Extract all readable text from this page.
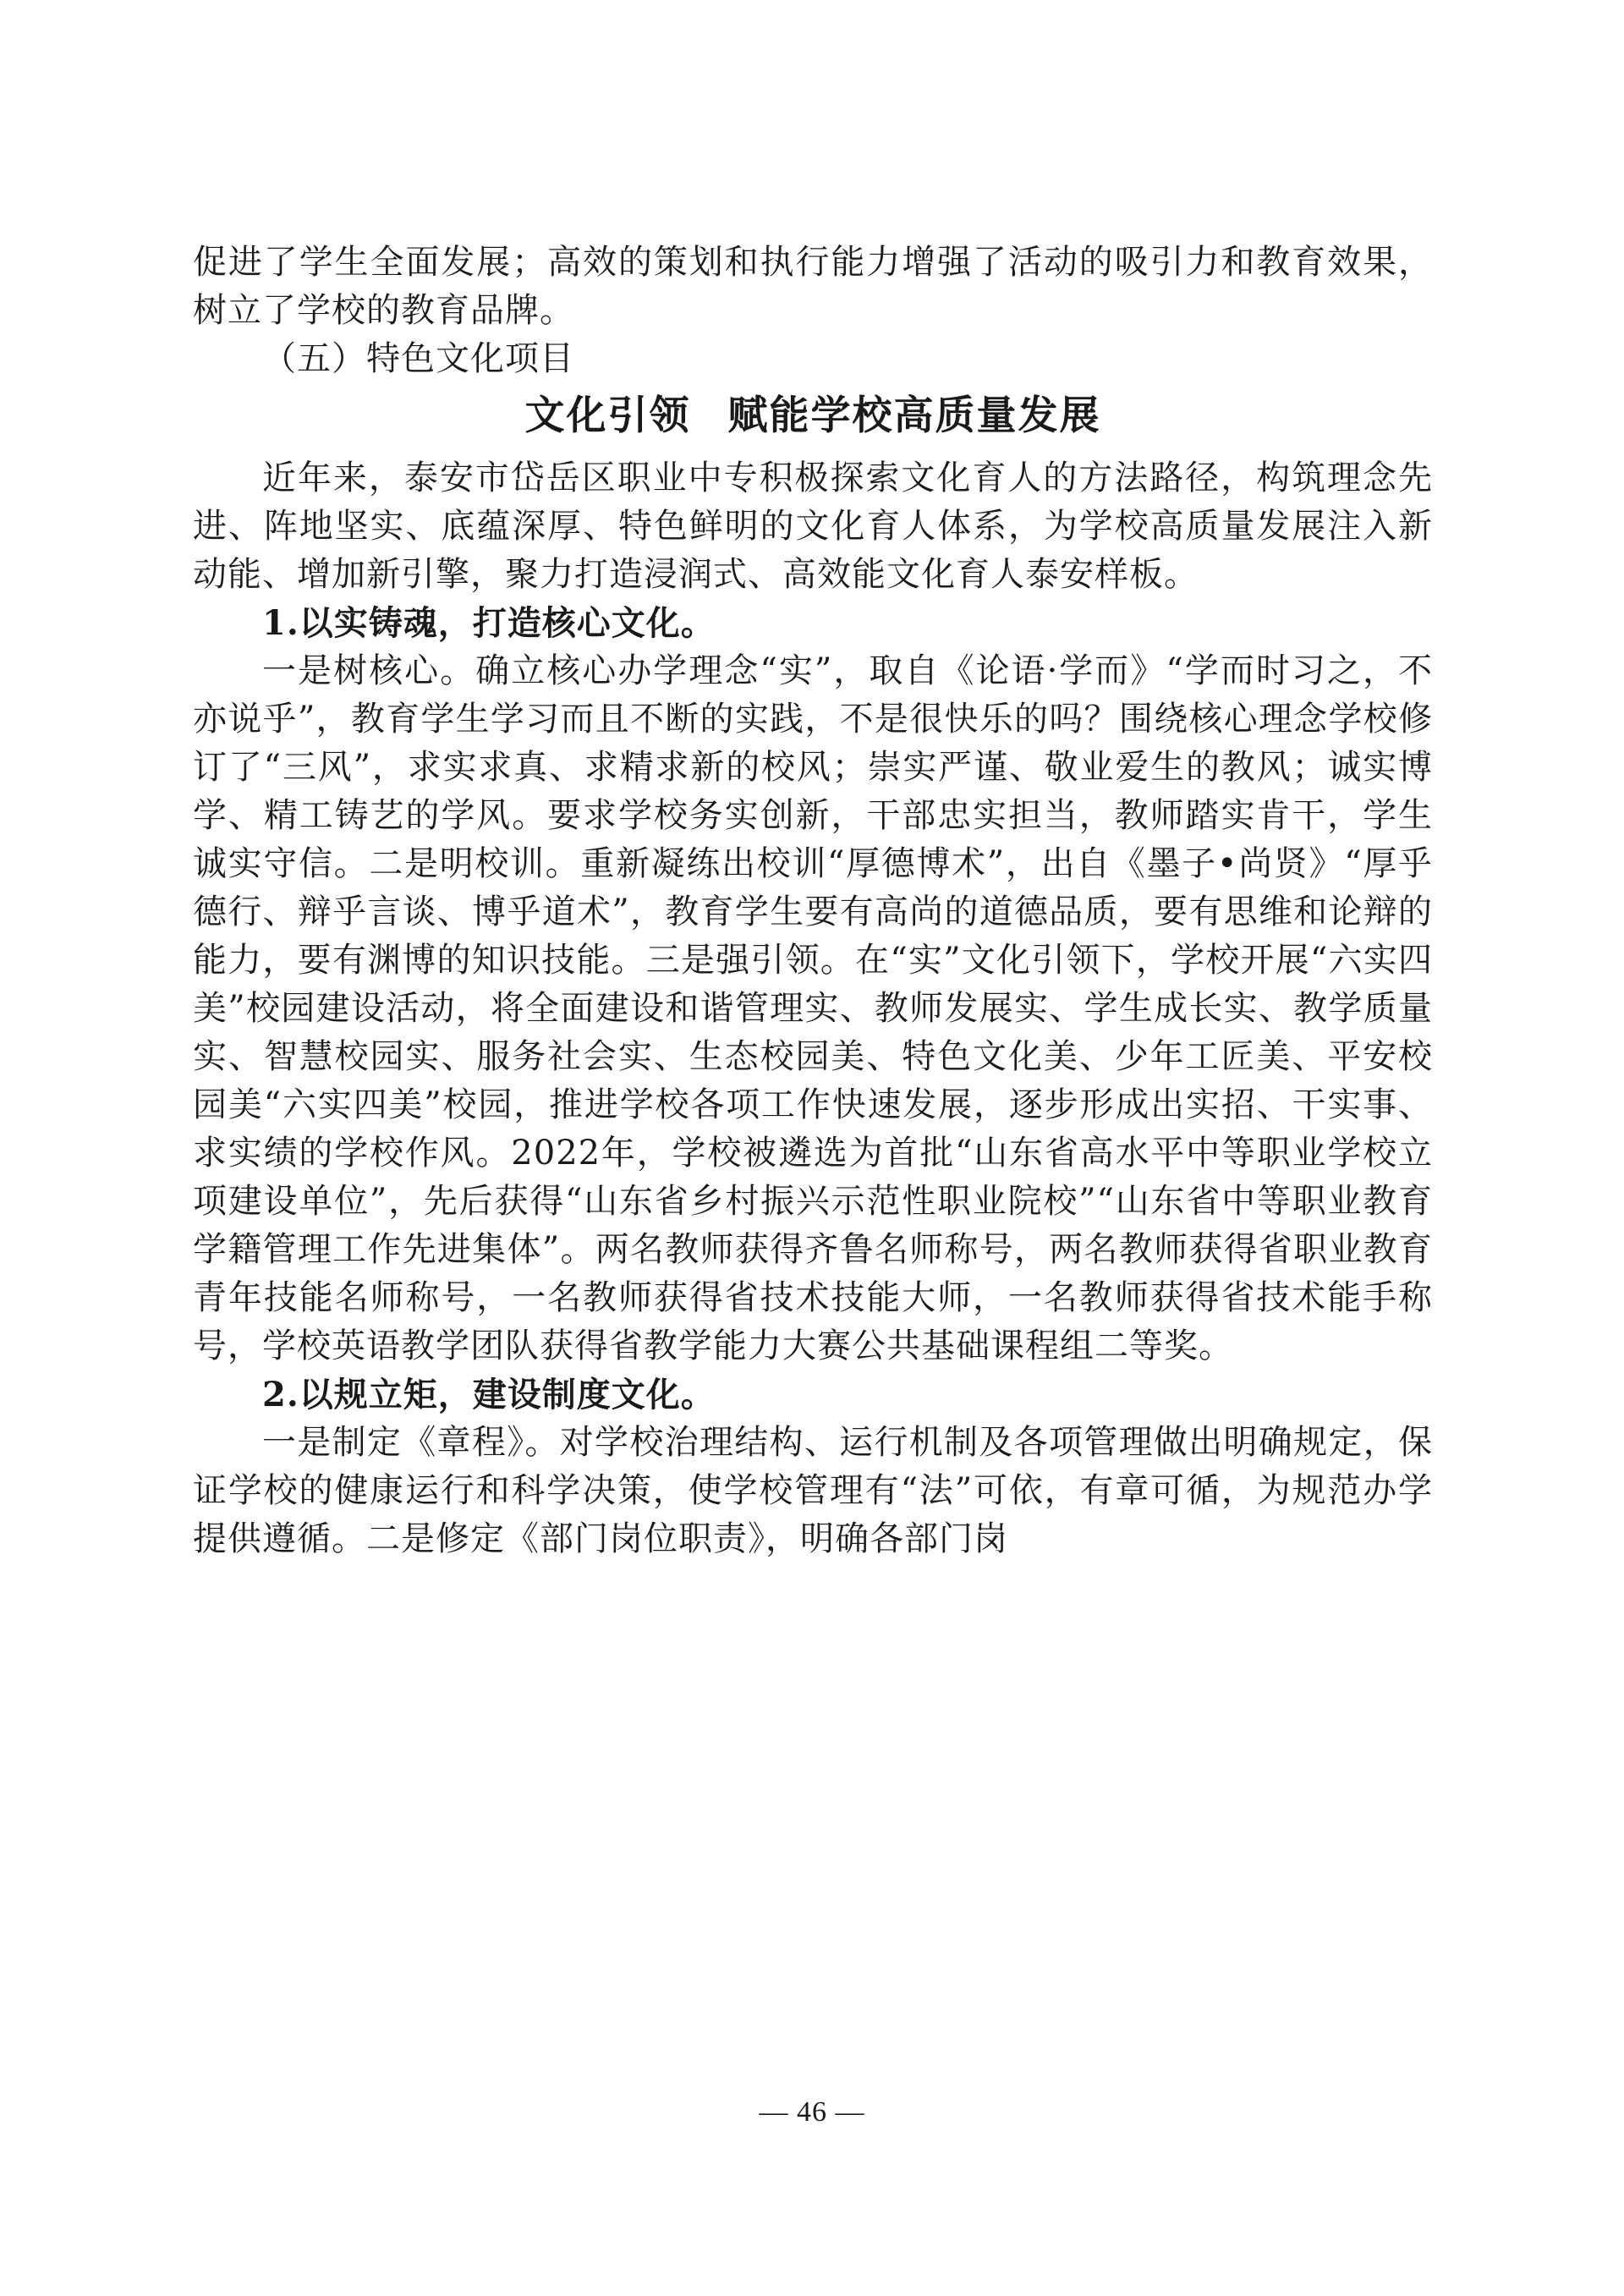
促进了学生全面发展；高效的策划和执行能力增强了活动的吸引力和教育效果，树立了学校的教育品牌。

（五）特色文化项目

文化引领 赋能学校高质量发展

近年来，泰安市岱岳区职业中专积极探索文化育人的方法路径，构筑理念先进、阵地坚实、底蕴深厚、特色鲜明的文化育人体系，为学校高质量发展注入新动能、增加新引擎，聚力打造浸润式、高效能文化育人泰安样板。

1.以实铸魂，打造核心文化。

一是树核心。确立核心办学理念“实”，取自《论语·学而》“学而时习之，不亦说乎”，教育学生学习而且不断的实践，不是很快乐的吗？围绕核心理念学校修订了“三风”，求实求真、求精求新的校风；崇实严谨、敬业爱生的教风；诚实博学、精工铸艺的学风。要求学校务实创新，干部忠实担当，教师踏实肯干，学生诚实守信。二是明校训。重新凝练出校训“厚德博术”，出自《墨子•尚贤》“厚乎德行、辩乎言谈、博乎道术”，教育学生要有高尚的道德品质，要有思维和论辩的能力，要有渊博的知识技能。三是强引领。在“实”文化引领下，学校开展“六实四美”校园建设活动，将全面建设和谐管理实、教师发展实、学生成长实、教学质量实、智慧校园实、服务社会实、生态校园美、特色文化美、少年工匠美、平安校园美“六实四美”校园，推进学校各项工作快速发展，逐步形成出实招、干实事、求实绩的学校作风。2022年，学校被遴选为首批“山东省高水平中等职业学校立项建设单位”，先后获得“山东省乡村振兴示范性职业院校”“山东省中等职业教育学籍管理工作先进集体”。两名教师获得齐鲁名师称号，两名教师获得省职业教育青年技能名师称号，一名教师获得省技术技能大师，一名教师获得省技术能手称号，学校英语教学团队获得省教学能力大赛公共基础课程组二等奖。

2.以规立矩，建设制度文化。

一是制定《章程》。对学校治理结构、运行机制及各项管理做出明确规定，保证学校的健康运行和科学决策，使学校管理有“法”可依，有章可循，为规范办学提供遵循。二是修定《部门岗位职责》，明确各部门岗

— 46 —
